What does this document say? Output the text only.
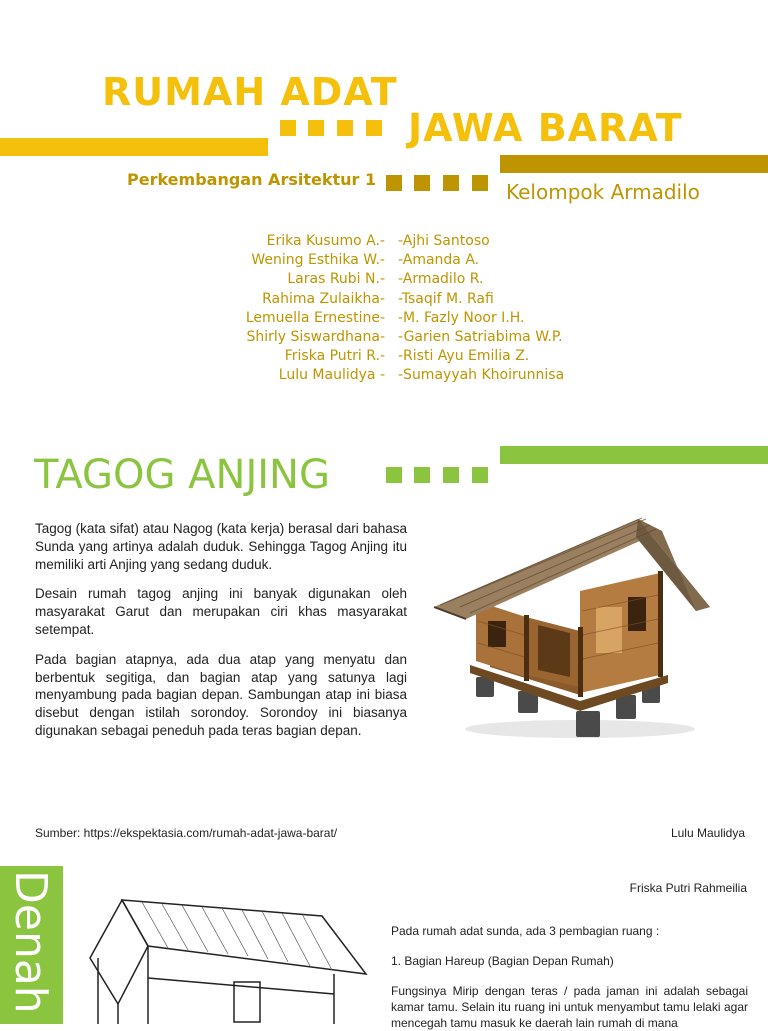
RUMAH ADAT
JAWA BARAT
Perkembangan Arsitektur 1
Kelompok Armadilo
Erika Kusumo A.-
Wening Esthika W.-
Laras Rubi N.-
Rahima Zulaikha-
Lemuella Ernestine-
Shirly Siswardhana-
Friska Putri R.-
Lulu Maulidya -
-Ajhi Santoso
-Amanda A.
-Armadilo R.
-Tsaqif M. Rafi
-M. Fazly Noor I.H.
-Garien Satriabima W.P.
-Risti Ayu Emilia Z.
-Sumayyah Khoirunnisa
TAGOG ANJING

Tagog (kata sifat) atau Nagog (kata kerja) berasal dari bahasa Sunda yang artinya adalah duduk. Sehingga Tagog Anjing itu memiliki arti Anjing yang sedang duduk.

Desain rumah tagog anjing ini banyak digunakan oleh masyarakat Garut dan merupakan ciri khas masyarakat setempat.

Pada bagian atapnya, ada dua atap yang menyatu dan berbentuk segitiga, dan bagian atap yang satunya lagi menyambung pada bagian depan. Sambungan atap ini biasa disebut dengan istilah sorondoy. Sorondoy ini biasanya digunakan sebagai peneduh pada teras bagian depan.

Sumber: https://ekspektasia.com/rumah-adat-jawa-barat/	Lulu Maulidya
Denah	Friska Putri Rahmeilia
Pada rumah adat sunda, ada 3 pembagian ruang :
1. Bagian Hareup (Bagian Depan Rumah)
Fungsinya Mirip dengan teras / pada jaman ini adalah sebagai kamar tamu. Selain itu ruang ini untuk menyambut tamu lelaki agar mencegah tamu masuk ke daerah lain rumah di mana
